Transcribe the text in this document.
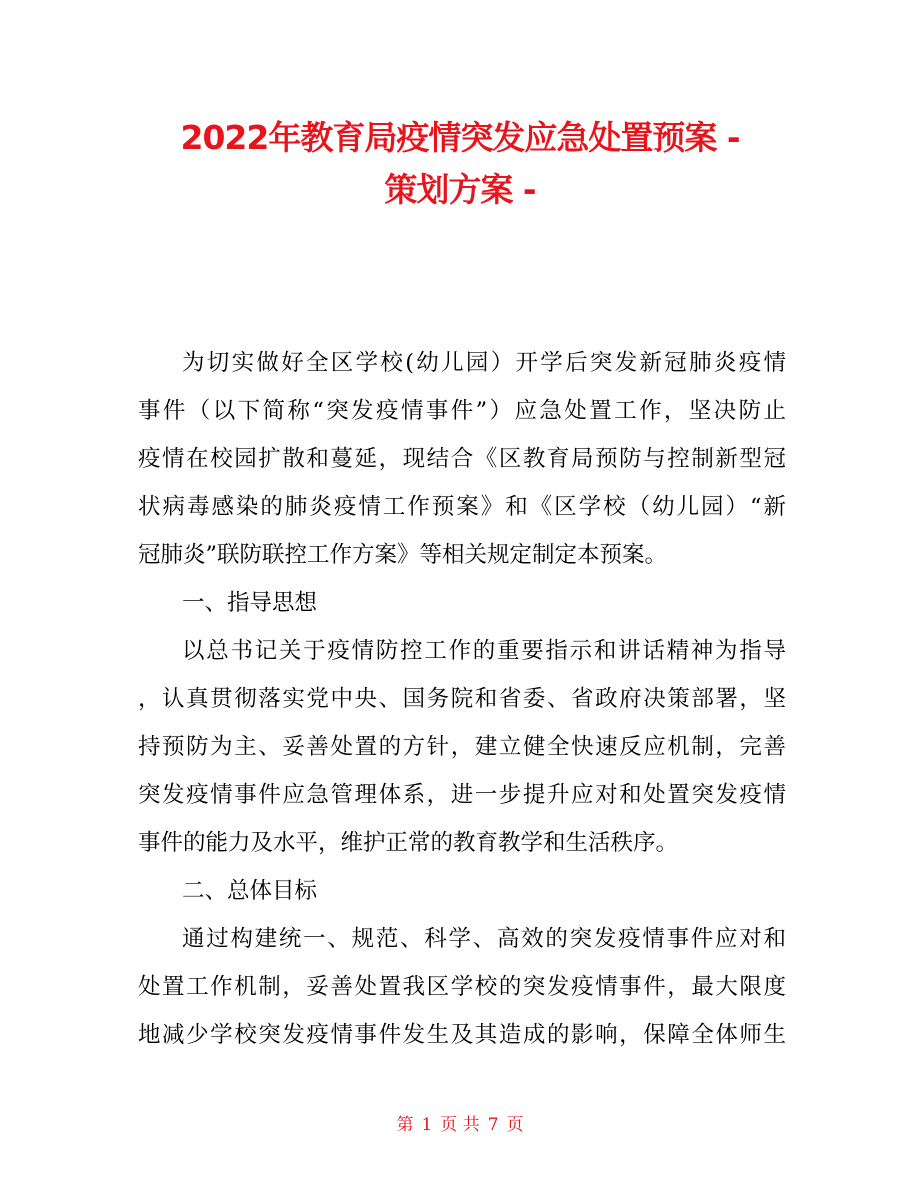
2022年教育局疫情突发应急处置预案 -
策划方案 -
为切实做好全区学校(幼儿园）开学后突发新冠肺炎疫情
事件（以下简称“突发疫情事件”）应急处置工作，坚决防止
疫情在校园扩散和蔓延，现结合《区教育局预防与控制新型冠
状病毒感染的肺炎疫情工作预案》和《区学校（幼儿园）“新
冠肺炎”联防联控工作方案》等相关规定制定本预案。
一、指导思想
以总书记关于疫情防控工作的重要指示和讲话精神为指导
，认真贯彻落实党中央、国务院和省委、省政府决策部署，坚
持预防为主、妥善处置的方针，建立健全快速反应机制，完善
突发疫情事件应急管理体系，进一步提升应对和处置突发疫情
事件的能力及水平，维护正常的教育教学和生活秩序。
二、总体目标
通过构建统一、规范、科学、高效的突发疫情事件应对和
处置工作机制，妥善处置我区学校的突发疫情事件，最大限度
地减少学校突发疫情事件发生及其造成的影响，保障全体师生
第 1 页 共 7 页
